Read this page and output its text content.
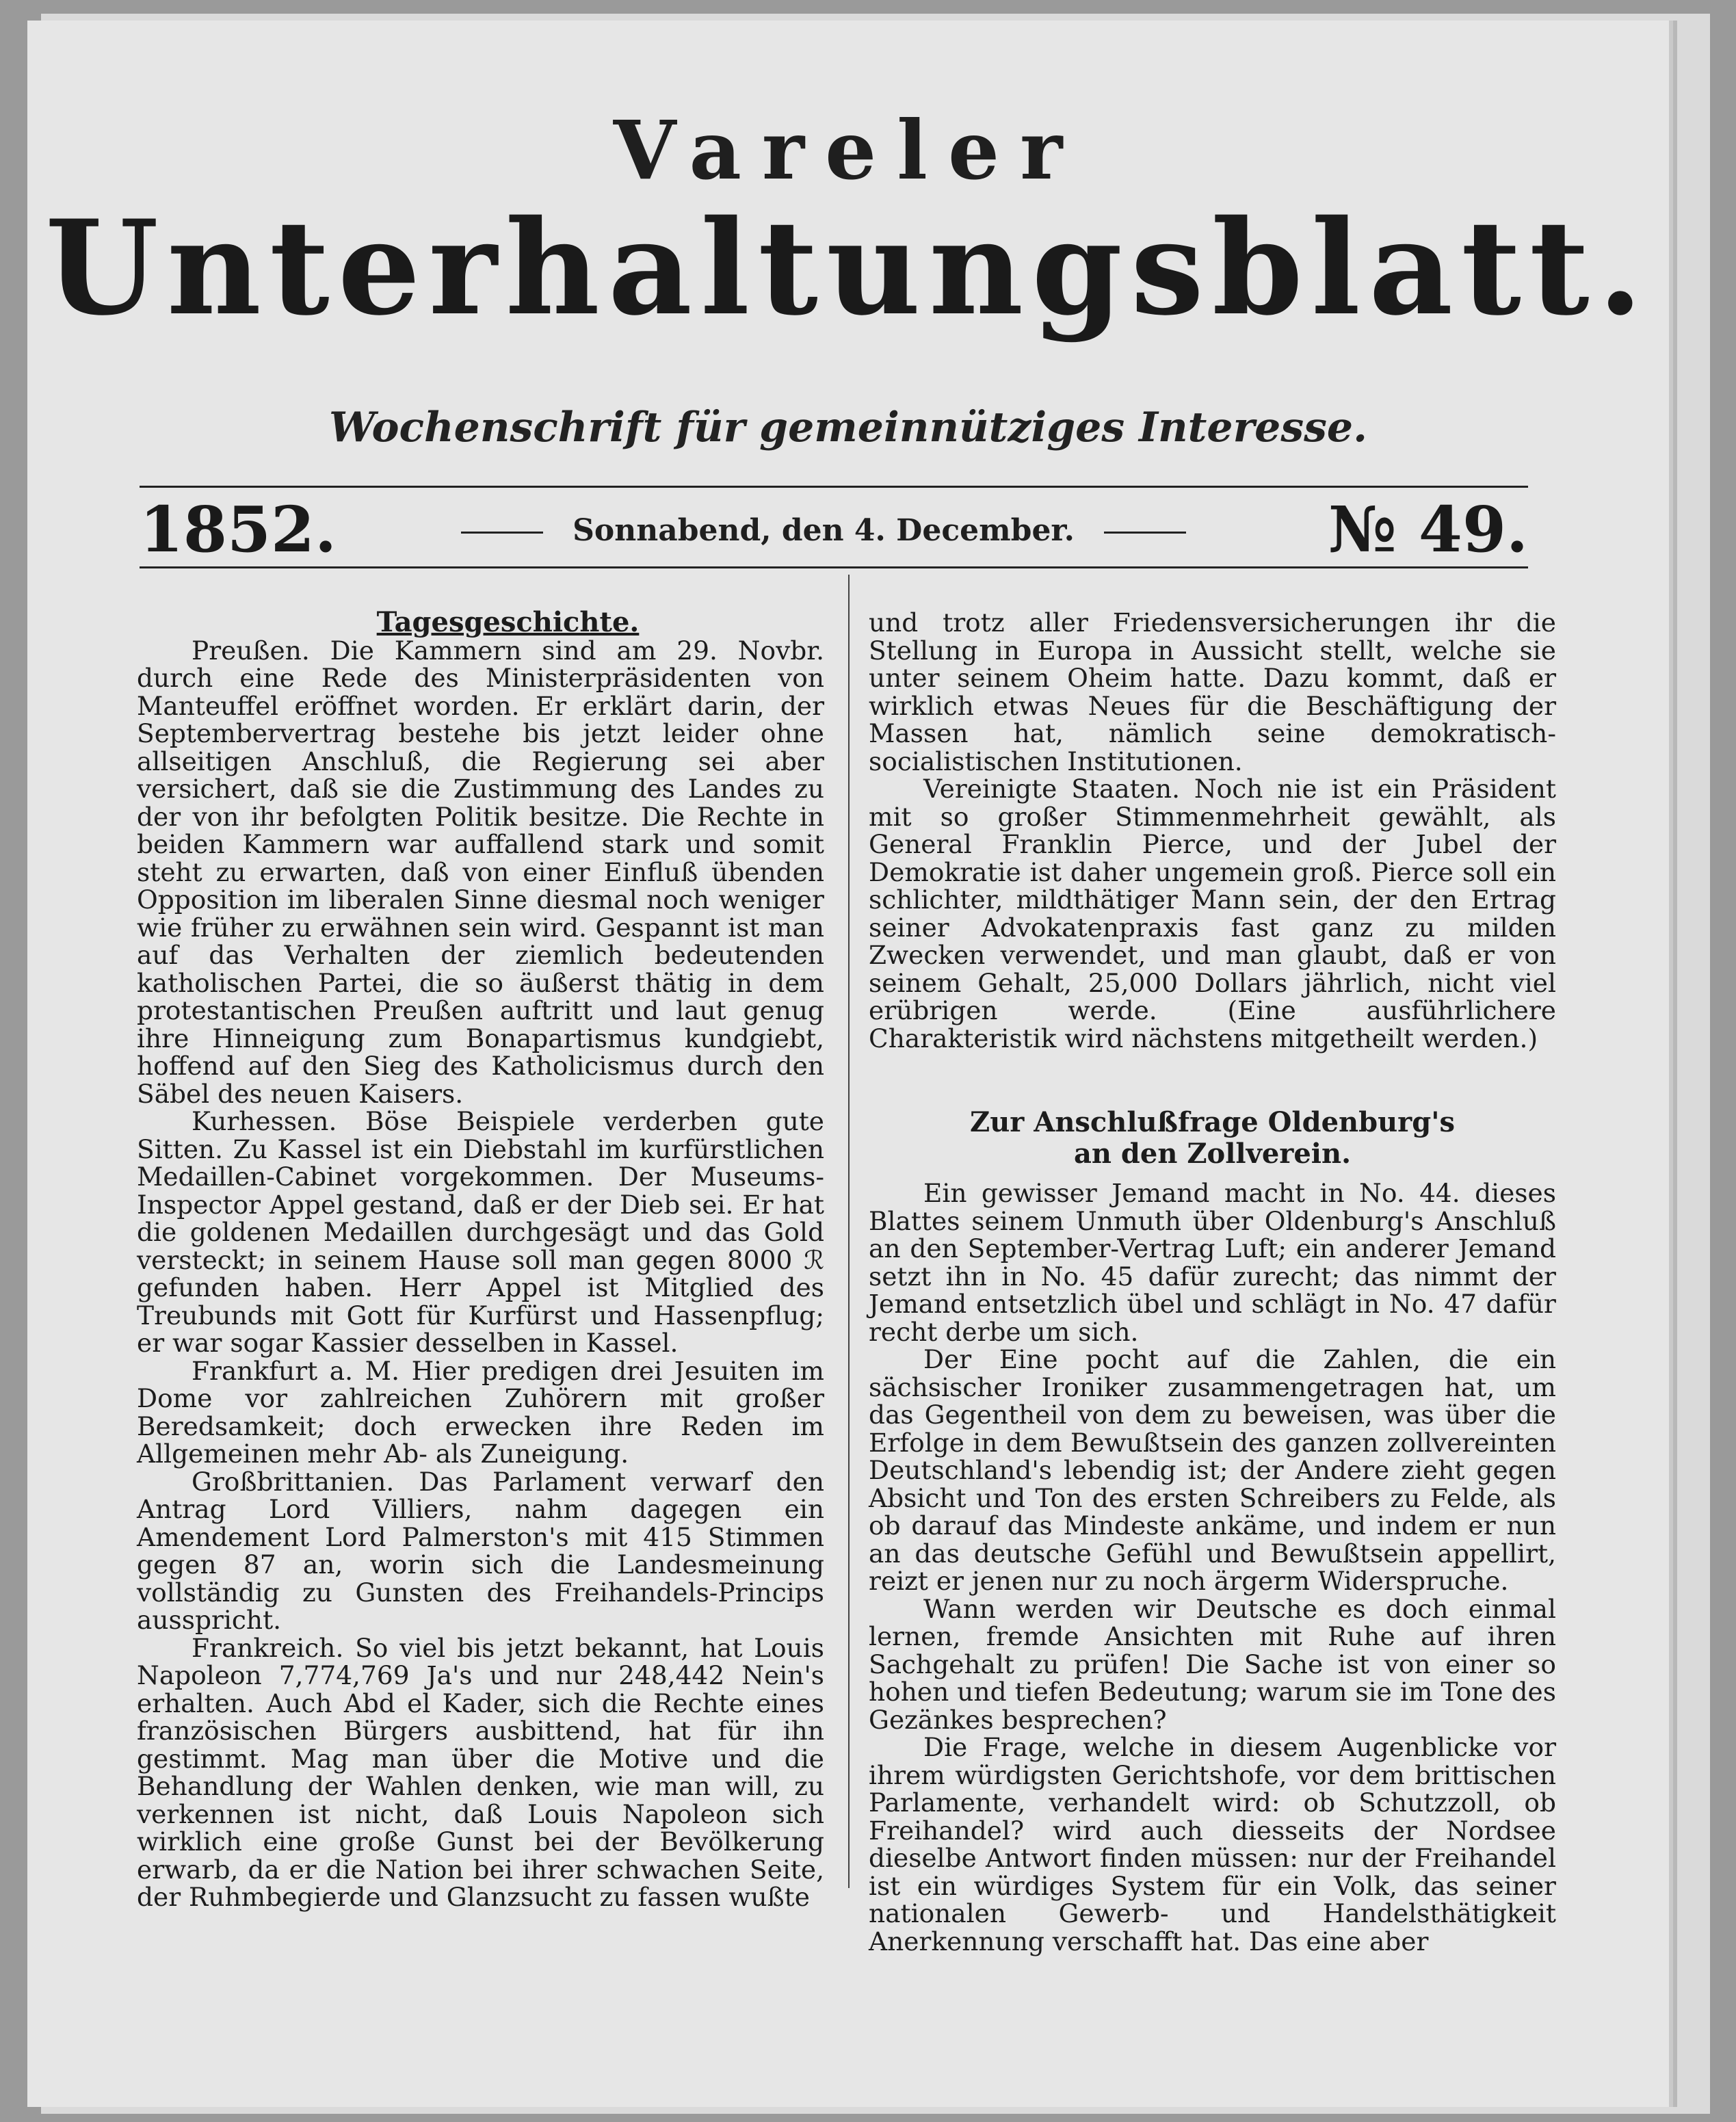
Vareler
Unterhaltungsblatt.
Wochenschrift für gemeinnütziges Interesse.
1852.	Sonnabend, den 4. December.	№ 49.

Tagesgeschichte.

Preußen. Die Kammern sind am 29. Novbr. durch eine Rede des Ministerpräsidenten von Manteuffel eröffnet worden. Er erklärt darin, der Septembervertrag bestehe bis jetzt leider ohne allseitigen Anschluß, die Regierung sei aber versichert, daß sie die Zustimmung des Landes zu der von ihr befolgten Politik besitze. Die Rechte in beiden Kammern war auffallend stark und somit steht zu erwarten, daß von einer Einfluß übenden Opposition im liberalen Sinne diesmal noch weniger wie früher zu erwähnen sein wird. Gespannt ist man auf das Verhalten der ziemlich bedeutenden katholischen Partei, die so äußerst thätig in dem protestantischen Preußen auftritt und laut genug ihre Hinneigung zum Bonapartismus kundgiebt, hoffend auf den Sieg des Katholicismus durch den Säbel des neuen Kaisers.

Kurhessen. Böse Beispiele verderben gute Sitten. Zu Kassel ist ein Diebstahl im kurfürstlichen Medaillen-Cabinet vorgekommen. Der Museums-Inspector Appel gestand, daß er der Dieb sei. Er hat die goldenen Medaillen durchgesägt und das Gold versteckt; in seinem Hause soll man gegen 8000 ℛ gefunden haben. Herr Appel ist Mitglied des Treubunds mit Gott für Kurfürst und Hassenpflug; er war sogar Kassier desselben in Kassel.

Frankfurt a. M. Hier predigen drei Jesuiten im Dome vor zahlreichen Zuhörern mit großer Beredsamkeit; doch erwecken ihre Reden im Allgemeinen mehr Ab- als Zuneigung.

Großbrittanien. Das Parlament verwarf den Antrag Lord Villiers, nahm dagegen ein Amendement Lord Palmerston's mit 415 Stimmen gegen 87 an, worin sich die Landesmeinung vollständig zu Gunsten des Freihandels-Princips ausspricht.

Frankreich. So viel bis jetzt bekannt, hat Louis Napoleon 7,774,769 Ja's und nur 248,442 Nein's erhalten. Auch Abd el Kader, sich die Rechte eines französischen Bürgers ausbittend, hat für ihn gestimmt. Mag man über die Motive und die Behandlung der Wahlen denken, wie man will, zu verkennen ist nicht, daß Louis Napoleon sich wirklich eine große Gunst bei der Bevölkerung erwarb, da er die Nation bei ihrer schwachen Seite, der Ruhmbegierde und Glanzsucht zu fassen wußte

und trotz aller Friedensversicherungen ihr die Stellung in Europa in Aussicht stellt, welche sie unter seinem Oheim hatte. Dazu kommt, daß er wirklich etwas Neues für die Beschäftigung der Massen hat, nämlich seine demokratisch-socialistischen Institutionen.

Vereinigte Staaten. Noch nie ist ein Präsident mit so großer Stimmenmehrheit gewählt, als General Franklin Pierce, und der Jubel der Demokratie ist daher ungemein groß. Pierce soll ein schlichter, mildthätiger Mann sein, der den Ertrag seiner Advokatenpraxis fast ganz zu milden Zwecken verwendet, und man glaubt, daß er von seinem Gehalt, 25,000 Dollars jährlich, nicht viel erübrigen werde. (Eine ausführlichere Charakteristik wird nächstens mitgetheilt werden.)

Zur Anschlußfrage Oldenburg's
an den Zollverein.

Ein gewisser Jemand macht in No. 44. dieses Blattes seinem Unmuth über Oldenburg's Anschluß an den September-Vertrag Luft; ein anderer Jemand setzt ihn in No. 45 dafür zurecht; das nimmt der Jemand entsetzlich übel und schlägt in No. 47 dafür recht derbe um sich.

Der Eine pocht auf die Zahlen, die ein sächsischer Ironiker zusammengetragen hat, um das Gegentheil von dem zu beweisen, was über die Erfolge in dem Bewußtsein des ganzen zollvereinten Deutschland's lebendig ist; der Andere zieht gegen Absicht und Ton des ersten Schreibers zu Felde, als ob darauf das Mindeste ankäme, und indem er nun an das deutsche Gefühl und Bewußtsein appellirt, reizt er jenen nur zu noch ärgerm Widerspruche.

Wann werden wir Deutsche es doch einmal lernen, fremde Ansichten mit Ruhe auf ihren Sachgehalt zu prüfen! Die Sache ist von einer so hohen und tiefen Bedeutung; warum sie im Tone des Gezänkes besprechen?

Die Frage, welche in diesem Augenblicke vor ihrem würdigsten Gerichtshofe, vor dem brittischen Parlamente, verhandelt wird: ob Schutzzoll, ob Freihandel? wird auch diesseits der Nordsee dieselbe Antwort finden müssen: nur der Freihandel ist ein würdiges System für ein Volk, das seiner nationalen Gewerb- und Handelsthätigkeit Anerkennung verschafft hat. Das eine aber
